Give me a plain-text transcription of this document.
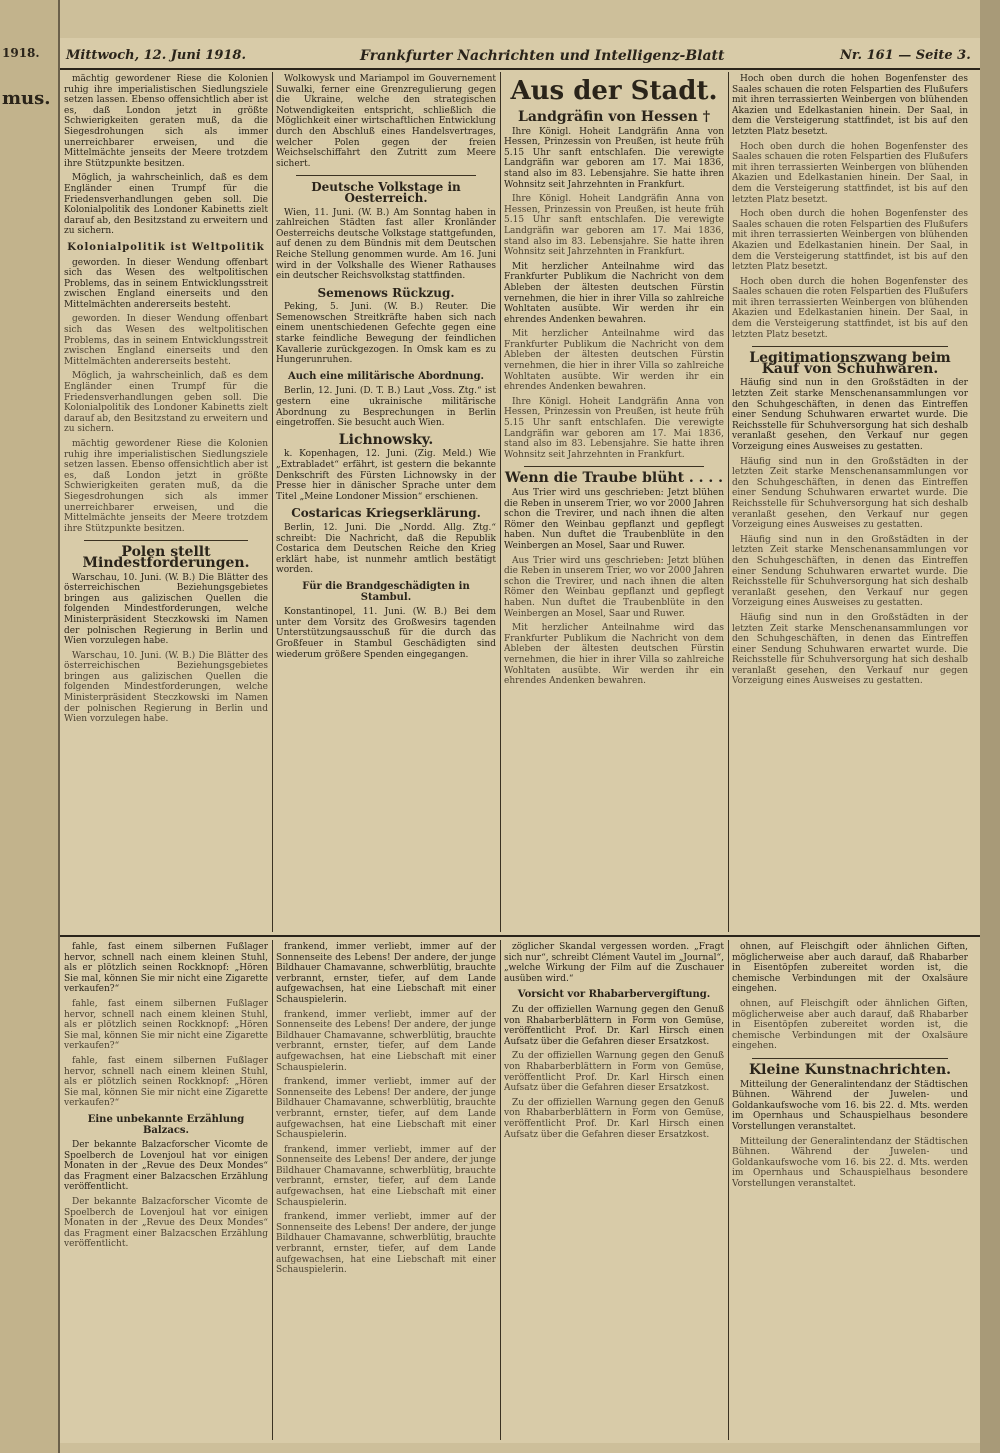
1918.
mus.
Mittwoch, 12. Juni 1918.	Frankfurter Nachrichten und Intelligenz-Blatt	Nr. 161 — Seite 3.

mächtig gewordener Riese die Kolonien ruhig ihre imperialistischen Siedlungsziele setzen lassen. Ebenso offensichtlich aber ist es, daß London jetzt in größte Schwierigkeiten geraten muß, da die Siegesdrohungen sich als immer unerreichbarer erweisen, und die Mittelmächte jenseits der Meere trotzdem ihre Stützpunkte besitzen.

Möglich, ja wahrscheinlich, daß es dem Engländer einen Trumpf für die Friedensverhandlungen geben soll. Die Kolonialpolitik des Londoner Kabinetts zielt darauf ab, den Besitzstand zu erweitern und zu sichern.

Kolonialpolitik ist Weltpolitik

geworden. In dieser Wendung offenbart sich das Wesen des weltpolitischen Problems, das in seinem Entwicklungsstreit zwischen England einerseits und den Mittelmächten andererseits besteht.

geworden. In dieser Wendung offenbart sich das Wesen des weltpolitischen Problems, das in seinem Entwicklungsstreit zwischen England einerseits und den Mittelmächten andererseits besteht.

Möglich, ja wahrscheinlich, daß es dem Engländer einen Trumpf für die Friedensverhandlungen geben soll. Die Kolonialpolitik des Londoner Kabinetts zielt darauf ab, den Besitzstand zu erweitern und zu sichern.

mächtig gewordener Riese die Kolonien ruhig ihre imperialistischen Siedlungsziele setzen lassen. Ebenso offensichtlich aber ist es, daß London jetzt in größte Schwierigkeiten geraten muß, da die Siegesdrohungen sich als immer unerreichbarer erweisen, und die Mittelmächte jenseits der Meere trotzdem ihre Stützpunkte besitzen.

Polen stellt Mindestforderungen.

Warschau, 10. Juni. (W. B.) Die Blätter des österreichischen Beziehungsgebietes bringen aus galizischen Quellen die folgenden Mindestforderungen, welche Ministerpräsident Steczkowski im Namen der polnischen Regierung in Berlin und Wien vorzulegen habe.

Warschau, 10. Juni. (W. B.) Die Blätter des österreichischen Beziehungsgebietes bringen aus galizischen Quellen die folgenden Mindestforderungen, welche Ministerpräsident Steczkowski im Namen der polnischen Regierung in Berlin und Wien vorzulegen habe.

Wolkowysk und Mariampol im Gouvernement Suwalki, ferner eine Grenzregulierung gegen die Ukraine, welche den strategischen Notwendigkeiten entspricht, schließlich die Möglichkeit einer wirtschaftlichen Entwicklung durch den Abschluß eines Handelsvertrages, welcher Polen gegen der freien Weichselschiffahrt den Zutritt zum Meere sichert.

Deutsche Volkstage in Oesterreich.

Wien, 11. Juni. (W. B.) Am Sonntag haben in zahlreichen Städten fast aller Kronländer Oesterreichs deutsche Volkstage stattgefunden, auf denen zu dem Bündnis mit dem Deutschen Reiche Stellung genommen wurde. Am 16. Juni wird in der Volkshalle des Wiener Rathauses ein deutscher Reichsvolkstag stattfinden.

Semenows Rückzug.

Peking, 5. Juni. (W. B.) Reuter. Die Semenowschen Streitkräfte haben sich nach einem unentschiedenen Gefechte gegen eine starke feindliche Bewegung der feindlichen Kavallerie zurückgezogen. In Omsk kam es zu Hungerunruhen.

Auch eine militärische Abordnung.

Berlin, 12. Juni. (D. T. B.) Laut „Voss. Ztg.“ ist gestern eine ukrainische militärische Abordnung zu Besprechungen in Berlin eingetroffen. Sie besucht auch Wien.

Lichnowsky.

k. Kopenhagen, 12. Juni. (Zig. Meld.) Wie „Extrabladet“ erfährt, ist gestern die bekannte Denkschrift des Fürsten Lichnowsky in der Presse hier in dänischer Sprache unter dem Titel „Meine Londoner Mission“ erschienen.

Costaricas Kriegserklärung.

Berlin, 12. Juni. Die „Nordd. Allg. Ztg.“ schreibt: Die Nachricht, daß die Republik Costarica dem Deutschen Reiche den Krieg erklärt habe, ist nunmehr amtlich bestätigt worden.

Für die Brandgeschädigten in Stambul.

Konstantinopel, 11. Juni. (W. B.) Bei dem unter dem Vorsitz des Großwesirs tagenden Unterstützungsausschuß für die durch das Großfeuer in Stambul Geschädigten sind wiederum größere Spenden eingegangen.

Aus der Stadt.
Landgräfin von Hessen †

Ihre Königl. Hoheit Landgräfin Anna von Hessen, Prinzessin von Preußen, ist heute früh 5.15 Uhr sanft entschlafen. Die verewigte Landgräfin war geboren am 17. Mai 1836, stand also im 83. Lebensjahre. Sie hatte ihren Wohnsitz seit Jahrzehnten in Frankfurt.

Ihre Königl. Hoheit Landgräfin Anna von Hessen, Prinzessin von Preußen, ist heute früh 5.15 Uhr sanft entschlafen. Die verewigte Landgräfin war geboren am 17. Mai 1836, stand also im 83. Lebensjahre. Sie hatte ihren Wohnsitz seit Jahrzehnten in Frankfurt.

Mit herzlicher Anteilnahme wird das Frankfurter Publikum die Nachricht von dem Ableben der ältesten deutschen Fürstin vernehmen, die hier in ihrer Villa so zahlreiche Wohltaten ausübte. Wir werden ihr ein ehrendes Andenken bewahren.

Mit herzlicher Anteilnahme wird das Frankfurter Publikum die Nachricht von dem Ableben der ältesten deutschen Fürstin vernehmen, die hier in ihrer Villa so zahlreiche Wohltaten ausübte. Wir werden ihr ein ehrendes Andenken bewahren.

Ihre Königl. Hoheit Landgräfin Anna von Hessen, Prinzessin von Preußen, ist heute früh 5.15 Uhr sanft entschlafen. Die verewigte Landgräfin war geboren am 17. Mai 1836, stand also im 83. Lebensjahre. Sie hatte ihren Wohnsitz seit Jahrzehnten in Frankfurt.

Wenn die Traube blüht . . . .

Aus Trier wird uns geschrieben: Jetzt blühen die Reben in unserem Trier, wo vor 2000 Jahren schon die Trevirer, und nach ihnen die alten Römer den Weinbau gepflanzt und gepflegt haben. Nun duftet die Traubenblüte in den Weinbergen an Mosel, Saar und Ruwer.

Aus Trier wird uns geschrieben: Jetzt blühen die Reben in unserem Trier, wo vor 2000 Jahren schon die Trevirer, und nach ihnen die alten Römer den Weinbau gepflanzt und gepflegt haben. Nun duftet die Traubenblüte in den Weinbergen an Mosel, Saar und Ruwer.

Mit herzlicher Anteilnahme wird das Frankfurter Publikum die Nachricht von dem Ableben der ältesten deutschen Fürstin vernehmen, die hier in ihrer Villa so zahlreiche Wohltaten ausübte. Wir werden ihr ein ehrendes Andenken bewahren.

Hoch oben durch die hohen Bogenfenster des Saales schauen die roten Felspartien des Flußufers mit ihren terrassierten Weinbergen von blühenden Akazien und Edelkastanien hinein. Der Saal, in dem die Versteigerung stattfindet, ist bis auf den letzten Platz besetzt.

Hoch oben durch die hohen Bogenfenster des Saales schauen die roten Felspartien des Flußufers mit ihren terrassierten Weinbergen von blühenden Akazien und Edelkastanien hinein. Der Saal, in dem die Versteigerung stattfindet, ist bis auf den letzten Platz besetzt.

Hoch oben durch die hohen Bogenfenster des Saales schauen die roten Felspartien des Flußufers mit ihren terrassierten Weinbergen von blühenden Akazien und Edelkastanien hinein. Der Saal, in dem die Versteigerung stattfindet, ist bis auf den letzten Platz besetzt.

Hoch oben durch die hohen Bogenfenster des Saales schauen die roten Felspartien des Flußufers mit ihren terrassierten Weinbergen von blühenden Akazien und Edelkastanien hinein. Der Saal, in dem die Versteigerung stattfindet, ist bis auf den letzten Platz besetzt.

Legitimationszwang beim Kauf von Schuhwaren.

Häufig sind nun in den Großstädten in der letzten Zeit starke Menschenansammlungen vor den Schuhgeschäften, in denen das Eintreffen einer Sendung Schuhwaren erwartet wurde. Die Reichsstelle für Schuhversorgung hat sich deshalb veranlaßt gesehen, den Verkauf nur gegen Vorzeigung eines Ausweises zu gestatten.

Häufig sind nun in den Großstädten in der letzten Zeit starke Menschenansammlungen vor den Schuhgeschäften, in denen das Eintreffen einer Sendung Schuhwaren erwartet wurde. Die Reichsstelle für Schuhversorgung hat sich deshalb veranlaßt gesehen, den Verkauf nur gegen Vorzeigung eines Ausweises zu gestatten.

Häufig sind nun in den Großstädten in der letzten Zeit starke Menschenansammlungen vor den Schuhgeschäften, in denen das Eintreffen einer Sendung Schuhwaren erwartet wurde. Die Reichsstelle für Schuhversorgung hat sich deshalb veranlaßt gesehen, den Verkauf nur gegen Vorzeigung eines Ausweises zu gestatten.

Häufig sind nun in den Großstädten in der letzten Zeit starke Menschenansammlungen vor den Schuhgeschäften, in denen das Eintreffen einer Sendung Schuhwaren erwartet wurde. Die Reichsstelle für Schuhversorgung hat sich deshalb veranlaßt gesehen, den Verkauf nur gegen Vorzeigung eines Ausweises zu gestatten.

fahle, fast einem silbernen Fußlager hervor, schnell nach einem kleinen Stuhl, als er plötzlich seinen Rockknopf: „Hören Sie mal, können Sie mir nicht eine Zigarette verkaufen?“

fahle, fast einem silbernen Fußlager hervor, schnell nach einem kleinen Stuhl, als er plötzlich seinen Rockknopf: „Hören Sie mal, können Sie mir nicht eine Zigarette verkaufen?“

fahle, fast einem silbernen Fußlager hervor, schnell nach einem kleinen Stuhl, als er plötzlich seinen Rockknopf: „Hören Sie mal, können Sie mir nicht eine Zigarette verkaufen?“

Eine unbekannte Erzählung Balzacs.

Der bekannte Balzacforscher Vicomte de Spoelberch de Lovenjoul hat vor einigen Monaten in der „Revue des Deux Mondes“ das Fragment einer Balzacschen Erzählung veröffentlicht.

Der bekannte Balzacforscher Vicomte de Spoelberch de Lovenjoul hat vor einigen Monaten in der „Revue des Deux Mondes“ das Fragment einer Balzacschen Erzählung veröffentlicht.

frankend, immer verliebt, immer auf der Sonnenseite des Lebens! Der andere, der junge Bildhauer Chamavanne, schwerblütig, brauchte verbrannt, ernster, tiefer, auf dem Lande aufgewachsen, hat eine Liebschaft mit einer Schauspielerin.

frankend, immer verliebt, immer auf der Sonnenseite des Lebens! Der andere, der junge Bildhauer Chamavanne, schwerblütig, brauchte verbrannt, ernster, tiefer, auf dem Lande aufgewachsen, hat eine Liebschaft mit einer Schauspielerin.

frankend, immer verliebt, immer auf der Sonnenseite des Lebens! Der andere, der junge Bildhauer Chamavanne, schwerblütig, brauchte verbrannt, ernster, tiefer, auf dem Lande aufgewachsen, hat eine Liebschaft mit einer Schauspielerin.

frankend, immer verliebt, immer auf der Sonnenseite des Lebens! Der andere, der junge Bildhauer Chamavanne, schwerblütig, brauchte verbrannt, ernster, tiefer, auf dem Lande aufgewachsen, hat eine Liebschaft mit einer Schauspielerin.

frankend, immer verliebt, immer auf der Sonnenseite des Lebens! Der andere, der junge Bildhauer Chamavanne, schwerblütig, brauchte verbrannt, ernster, tiefer, auf dem Lande aufgewachsen, hat eine Liebschaft mit einer Schauspielerin.

zöglicher Skandal vergessen worden. „Fragt sich nur“, schreibt Clément Vautel im „Journal“, „welche Wirkung der Film auf die Zuschauer ausüben wird.“

Vorsicht vor Rhabarbervergiftung.

Zu der offiziellen Warnung gegen den Genuß von Rhabarberblättern in Form von Gemüse, veröffentlicht Prof. Dr. Karl Hirsch einen Aufsatz über die Gefahren dieser Ersatzkost.

Zu der offiziellen Warnung gegen den Genuß von Rhabarberblättern in Form von Gemüse, veröffentlicht Prof. Dr. Karl Hirsch einen Aufsatz über die Gefahren dieser Ersatzkost.

Zu der offiziellen Warnung gegen den Genuß von Rhabarberblättern in Form von Gemüse, veröffentlicht Prof. Dr. Karl Hirsch einen Aufsatz über die Gefahren dieser Ersatzkost.

ohnen, auf Fleischgift oder ähnlichen Giften, möglicherweise aber auch darauf, daß Rhabarber in Eisentöpfen zubereitet worden ist, die chemische Verbindungen mit der Oxalsäure eingehen.

ohnen, auf Fleischgift oder ähnlichen Giften, möglicherweise aber auch darauf, daß Rhabarber in Eisentöpfen zubereitet worden ist, die chemische Verbindungen mit der Oxalsäure eingehen.

Kleine Kunstnachrichten.

Mitteilung der Generalintendanz der Städtischen Bühnen. Während der Juwelen- und Goldankaufswoche vom 16. bis 22. d. Mts. werden im Opernhaus und Schauspielhaus besondere Vorstellungen veranstaltet.

Mitteilung der Generalintendanz der Städtischen Bühnen. Während der Juwelen- und Goldankaufswoche vom 16. bis 22. d. Mts. werden im Opernhaus und Schauspielhaus besondere Vorstellungen veranstaltet.
